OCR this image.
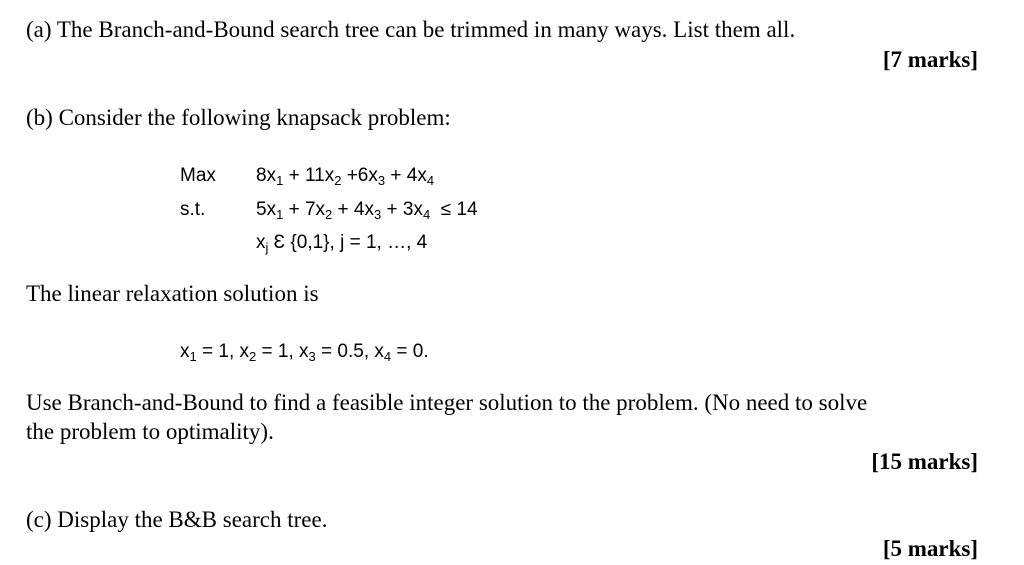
(a) The Branch-and-Bound search tree can be trimmed in many ways. List them all.
[7 marks]
(b) Consider the following knapsack problem:
Max $8x_1 + 11x_2 +6x_3 + 4x_4$
s.t.	$5x_1 + 7x_2 + 4x_3 + 3x_4 \le 14$
$x_j$ Ɛ {0,1}, j = 1, …, 4
The linear relaxation solution is
$x_1 = 1$, $x_2 = 1$, $x_3 = 0.5$, $x_4 = 0$.
Use Branch-and-Bound to find a feasible integer solution to the problem. (No need to solve
the problem to optimality).
[15 marks]
(c) Display the B&B search tree.
[5 marks]
